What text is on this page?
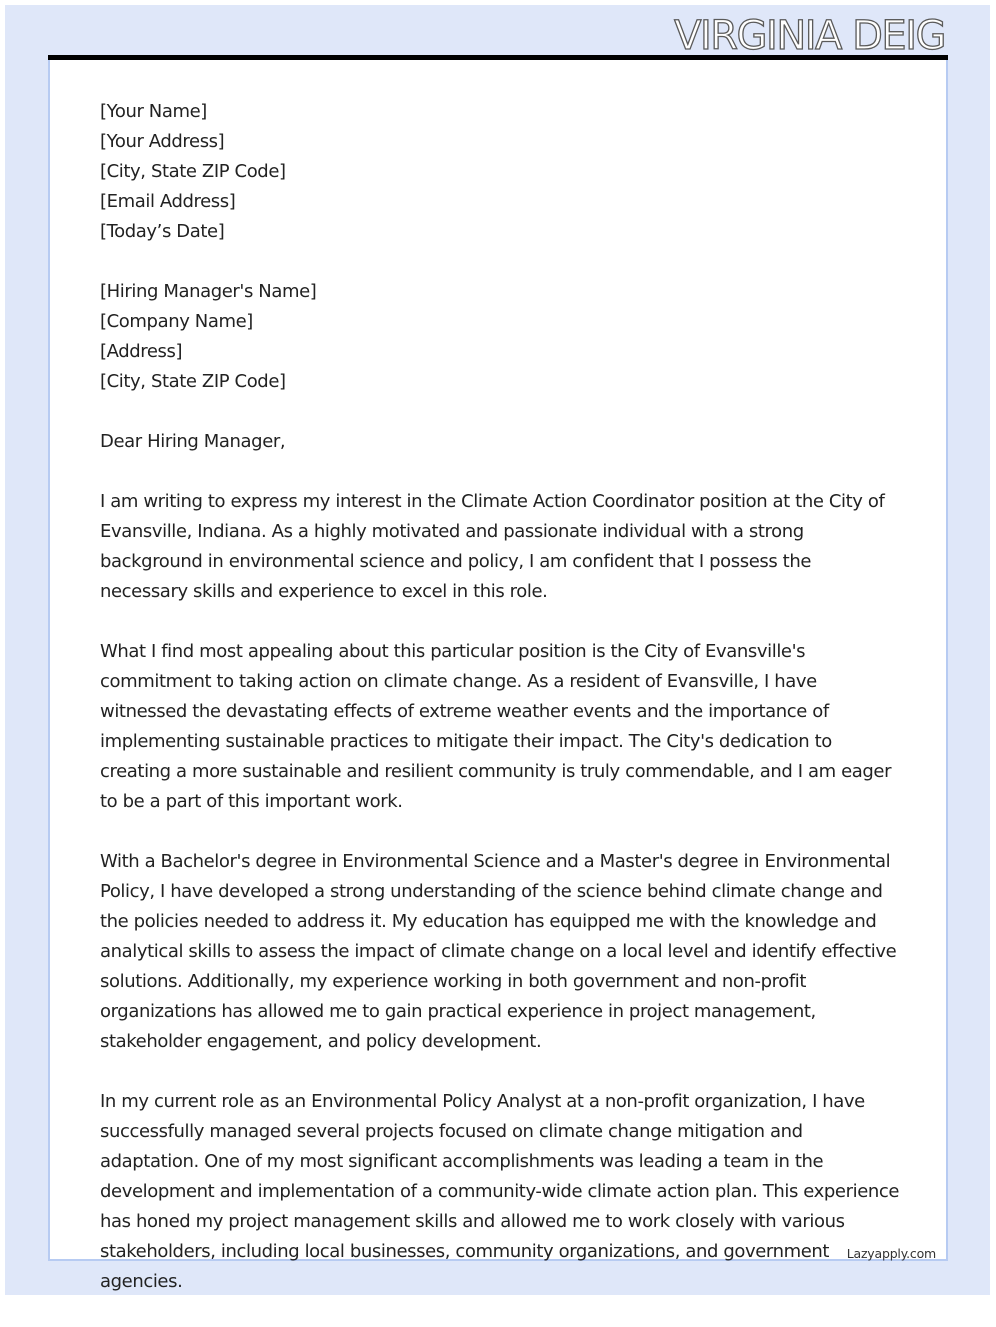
VIRGINIA DEIG
[Your Name]
[Your Address]
[City, State ZIP Code]
[Email Address]
[Today’s Date]
[Hiring Manager's Name]
[Company Name]
[Address]
[City, State ZIP Code]

Dear Hiring Manager,

I am writing to express my interest in the Climate Action Coordinator position at the City of Evansville, Indiana. As a highly motivated and passionate individual with a strong background in environmental science and policy, I am confident that I possess the necessary skills and experience to excel in this role.

What I find most appealing about this particular position is the City of Evansville's commitment to taking action on climate change. As a resident of Evansville, I have witnessed the devastating effects of extreme weather events and the importance of implementing sustainable practices to mitigate their impact. The City's dedication to creating a more sustainable and resilient community is truly commendable, and I am eager to be a part of this important work.

With a Bachelor's degree in Environmental Science and a Master's degree in Environmental Policy, I have developed a strong understanding of the science behind climate change and the policies needed to address it. My education has equipped me with the knowledge and analytical skills to assess the impact of climate change on a local level and identify effective solutions. Additionally, my experience working in both government and non-profit organizations has allowed me to gain practical experience in project management, stakeholder engagement, and policy development.

In my current role as an Environmental Policy Analyst at a non-profit organization, I have successfully managed several projects focused on climate change mitigation and adaptation. One of my most significant accomplishments was leading a team in the development and implementation of a community-wide climate action plan. This experience has honed my project management skills and allowed me to work closely with various stakeholders, including local businesses, community organizations, and government agencies.

Lazyapply.com
